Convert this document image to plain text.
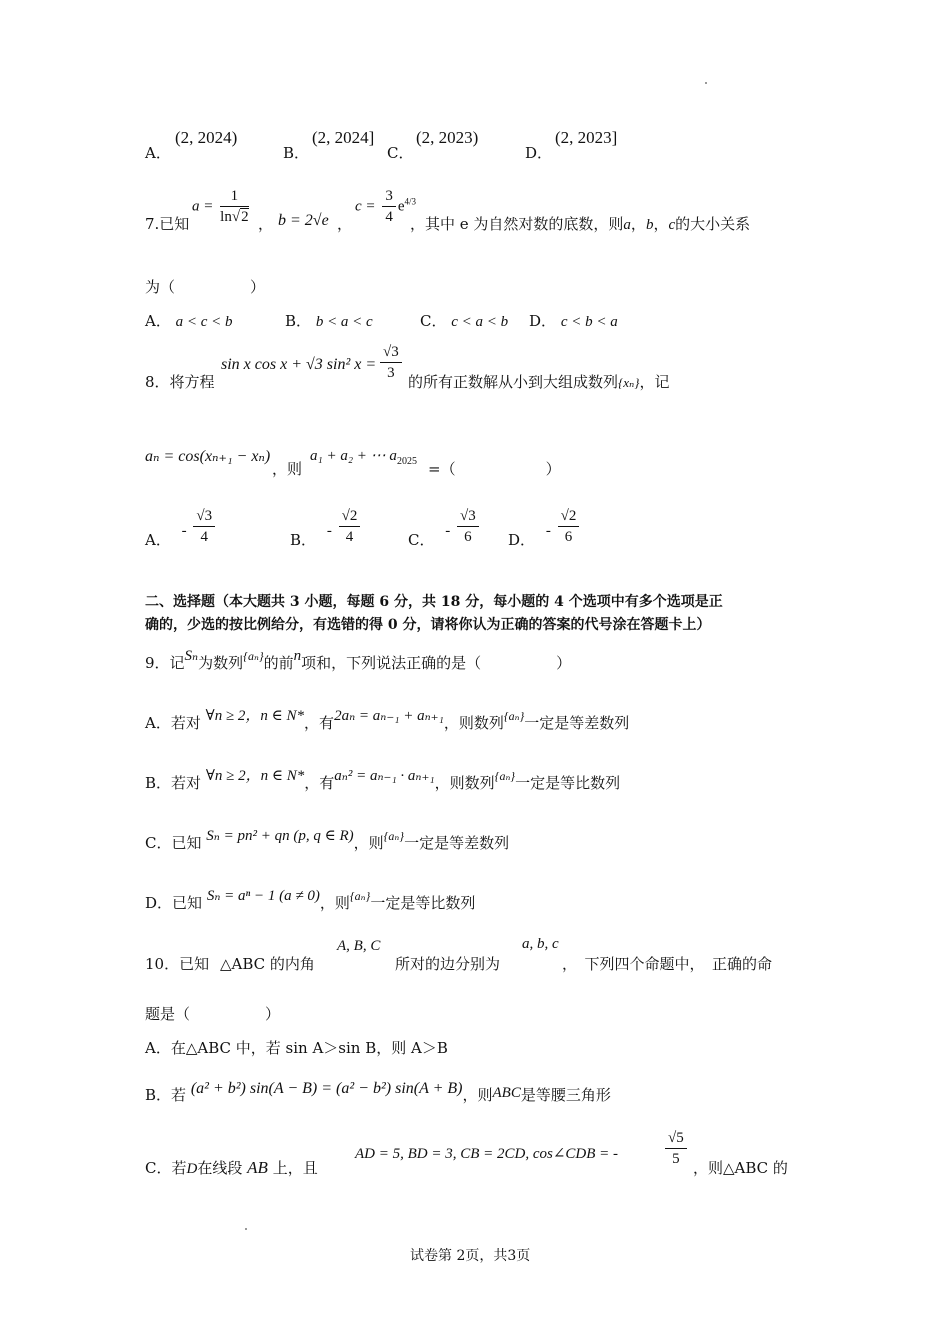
A．
(2, 2024)
B．
(2, 2024]
C．
(2, 2023)
D．
(2, 2023]
7.已知
$a = \frac{1}{\ln√2}$ ， b = 2√e ，
$c = \frac{3}{4} e^{4/3}$
，其中 e 为自然对数的底数，则a，b，c的大小关系
为（　　　　　）
A． a < c < b	B． b < a < c	C． c < a < b D． c < b < a
8．将方程
sin x cos x + √3 sin² $x = \frac{√3}{3}$ 的所有正数解从小到大组成数列{xₙ}，记
aₙ = cos(xₙ₊₁ − xₙ)
，则
a₁ + a₂ + ⋯ $a_{2025}$ =（　　　　　　）
A． - $\frac{√3}{4}$	B． - $\frac{√2}{4}$	C． - $\frac{√3}{6}$ D． - $\frac{√2}{6}$
二、选择题（本大题共 3 小题，每题 6 分，共 18 分，每小题的 4 个选项中有多个选项是正
确的，少选的按比例给分，有选错的得 0 分，请将你认为正确的答案的代号涂在答题卡上）
9．记Sₙ为数列$^{\{a_n\}}$的前n项和，下列说法正确的是（　　　　　）
A．若对 ∀n ≥ 2，n ∈ N*，有2aₙ = aₙ₋₁ + aₙ₊₁，则数列$^{\{a_n\}}$一定是等差数列
B．若对 ∀n ≥ 2，n ∈ N*，有aₙ² = aₙ₋₁ · aₙ₊₁，则数列$^{\{a_n\}}$一定是等比数列
C．已知 Sₙ = pn² + qn (p, q ∈ R)，则$^{\{a_n\}}$一定是等差数列
D．已知 Sₙ = aⁿ − 1 (a ≠ 0)，则$^{\{a_n\}}$一定是等比数列
10．已知 △ABC 的内角
A, B, C
所对的边分别为
a, b, c
，　下列四个命题中，　正确的命
题是（　　　　　）
A．在△ABC 中，若 sin A＞sin B，则 A＞B
B．若 (a² + b²) sin(A − B) = (a² − b²) sin(A + B)，则ABC是等腰三角形
C．若D在线段 AB 上，且
AD = 5, BD = 3, CB = 2CD, cos∠CDB = -	$\frac{√5}{5}$ ，则△ABC 的
试卷第 2页，共3页
